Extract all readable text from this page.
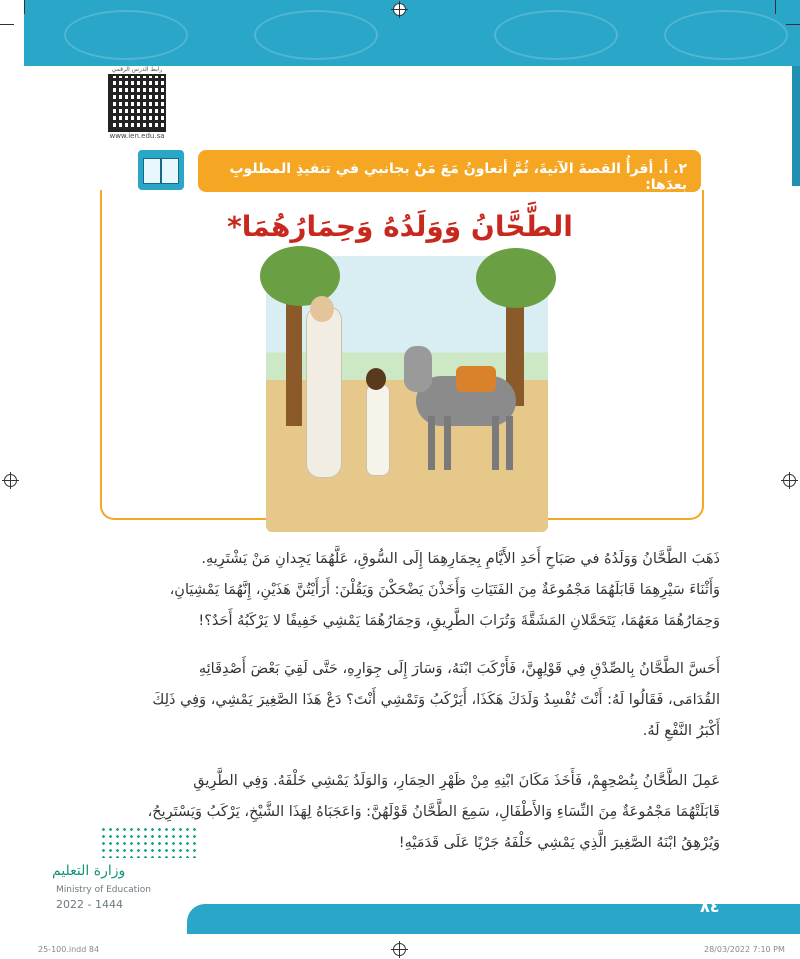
رابط الدرس الرقمي
www.ien.edu.sa
٢. أ. أقرأُ القصةَ الآتيةَ، ثُمَّ أتعاونُ مَعَ مَنْ بجانبي في تنفيذِ المطلوبِ بعدَها:
الطَّحَّانُ وَوَلَدُهُ وَحِمَارُهُمَا*
ذَهَبَ الطَّحَّانُ وَوَلَدُهُ في صَبَاحِ أَحَدِ الأَيَّامِ بِحِمَارِهِمَا إِلَى السُّوقِ، عَلَّهُمَا يَجِدانِ مَنْ يَشْتَرِيهِ.
وَأَثْنَاءَ سَيْرِهِمَا قَابَلَهُمَا مَجْمُوعَةٌ مِنَ الفَتَيَاتِ وَأَخَذْنَ يَضْحَكْنَ وَيَقُلْنَ: أَرَأَيْتُنَّ هَذَيْنِ، إِنَّهُمَا يَمْشِيَانِ،
وَحِمَارُهُمَا مَعَهُمَا، يَتَحَمَّلانِ المَشَقَّةَ وَتُرَابَ الطَّرِيقِ، وَحِمَارُهُمَا يَمْشِي خَفِيفًا لا يَرْكَبُهُ أَحَدٌ؟!
أَحَسَّ الطَّحَّانُ بِالصِّدْقِ فِي قَوْلِهِنَّ، فَأَرْكَبَ ابْنَهُ، وَسَارَ إِلَى جِوَارِهِ، حَتَّى لَقِيَ بَعْضَ أَصْدِقَائِهِ
القُدَامَى، فَقَالُوا لَهُ: أَنْتَ تُفْسِدُ وَلَدَكَ هَكَذَا، أَيَرْكَبُ وَتَمْشِي أَنْتَ؟ دَعْ هَذَا الصَّغِيرَ يَمْشِي، وَفِي ذَلِكَ
أَكْبَرُ النَّفْعِ لَهُ.
عَمِلَ الطَّحَّانُ بِنُصْحِهِمْ، فَأَخَذَ مَكَانَ ابْنِهِ مِنْ ظَهْرِ الحِمَارِ، وَالوَلَدُ يَمْشِي خَلْفَهُ. وَفِي الطَّرِيقِ
قَابَلَتْهُمَا مَجْمُوعَةٌ مِنَ النِّسَاءِ وَالأَطْفَالِ، سَمِعَ الطَّحَّانُ قَوْلَهُنَّ: وَاعَجَبَاهُ لِهَذَا الشَّيْخِ، يَرْكَبُ وَيَسْتَرِيحُ،
وَيُرْهِقُ ابْنَهُ الصَّغِيرَ الَّذِي يَمْشِي خَلْفَهُ جَرْيًا عَلَى قَدَمَيْهِ!
وزارة التعليم
Ministry of Education
2022 - 1444	٨٤
25-100.indd 84	28/03/2022 7:10 PM
